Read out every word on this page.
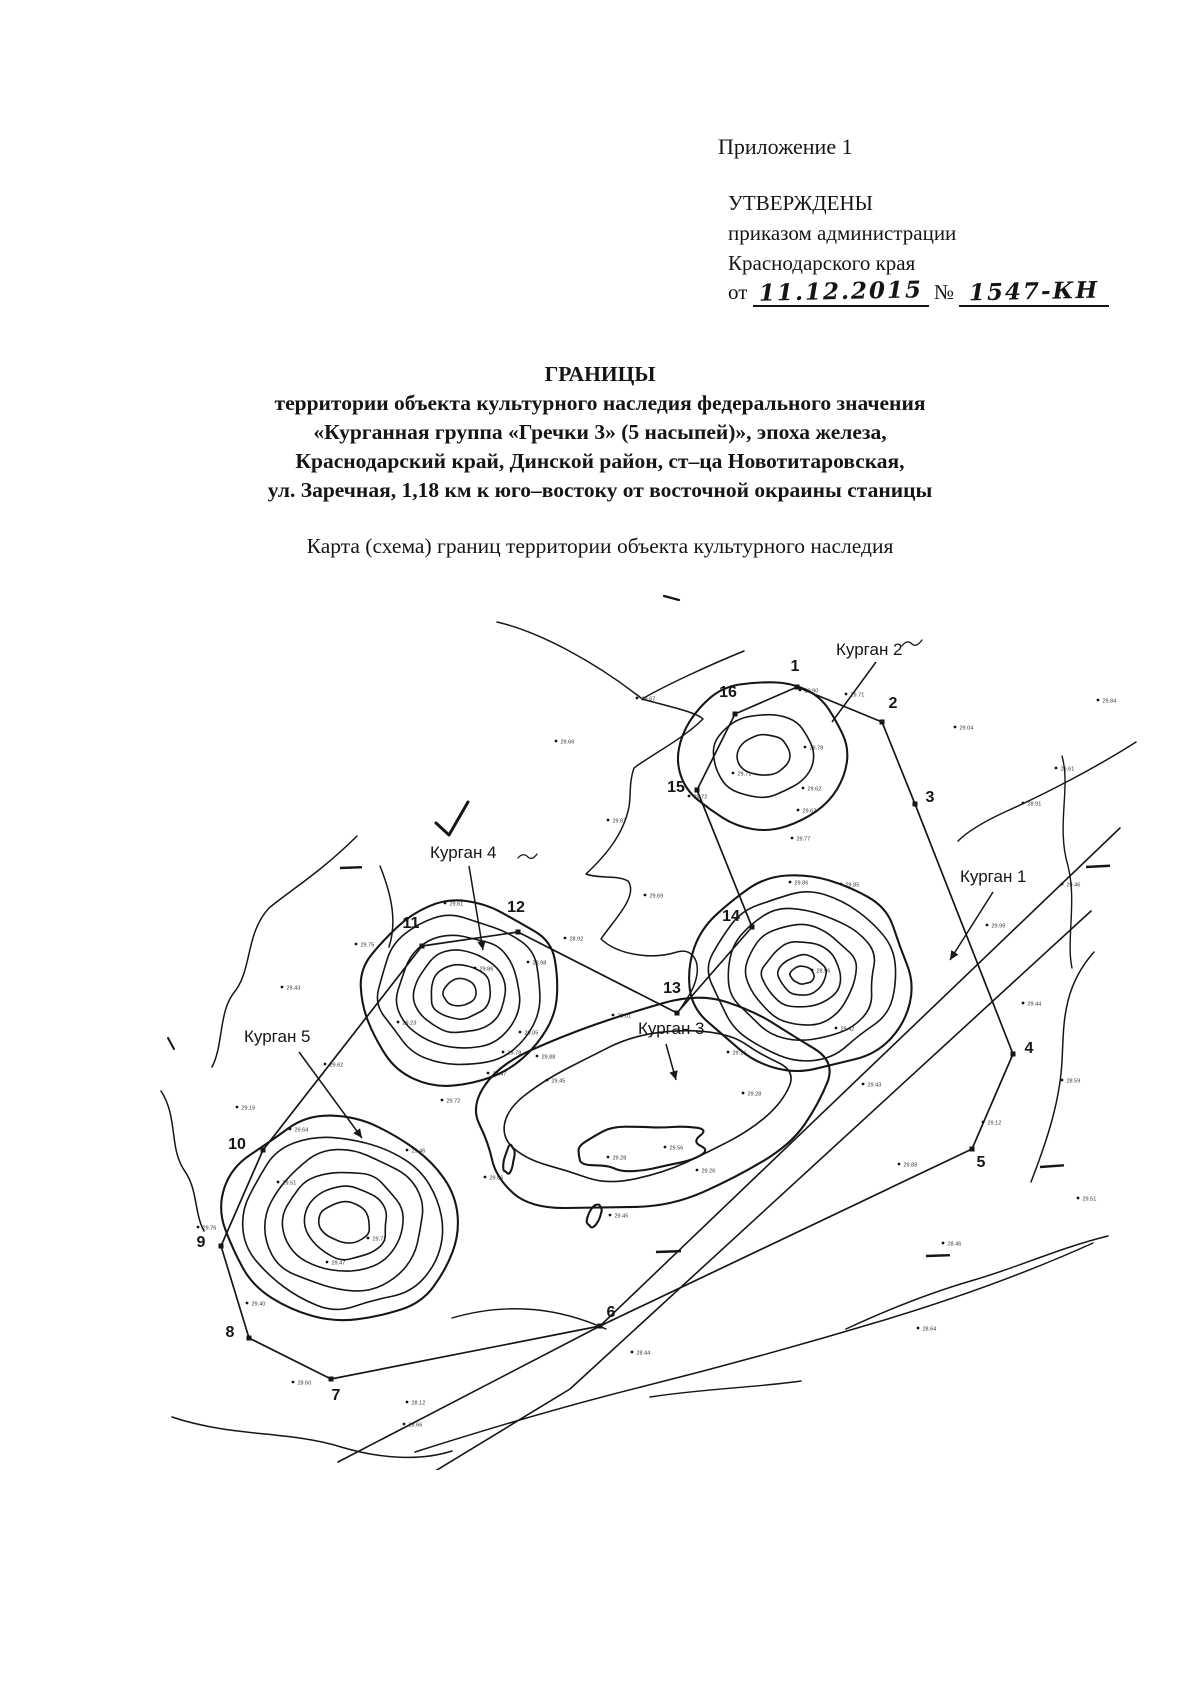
Приложение 1
УТВЕРЖДЕНЫ
приказом администрации
Краснодарского края
от 11.12.2015 № 1547-КН
ГРАНИЦЫ
территории объекта культурного наследия федерального значения
«Курганная группа «Гречки 3» (5 насыпей)», эпоха железа,
Краснодарский край, Динской район, ст–ца Новотитаровская,
ул. Заречная, 1,18 км к юго–востоку от восточной окраины станицы
Карта (схема) границ территории объекта культурного наследия
1
2
3
4
5
6
7
8
9
10
11
12
13
14
15
16
Курган 2
Курган 4
Курган 1
Курган 3
Курган 5
29.67
29.66
29.90
29.71
29.04
29.84
29.61
29.72
29.78
29.62
29.62
29.71
29.77
29.85
29.86
28.91
29.46
29.99
29.44
29.87
29.69
28.92
28.98
29.01
29.61
29.75
29.43
29.62
29.16
29.64
29.46
29.86
29.23
29.78
29.88
29.47
29.72
29.05
29.45
29.16
29.28
29.43
28.96
29.42
29.56
29.28
29.26
29.45
29.06
29.51
29.76
29.71
29.47
29.40
28.60
28.12
28.44
28.66
29.88
28.46
29.51
29.12
28.59
28.64
